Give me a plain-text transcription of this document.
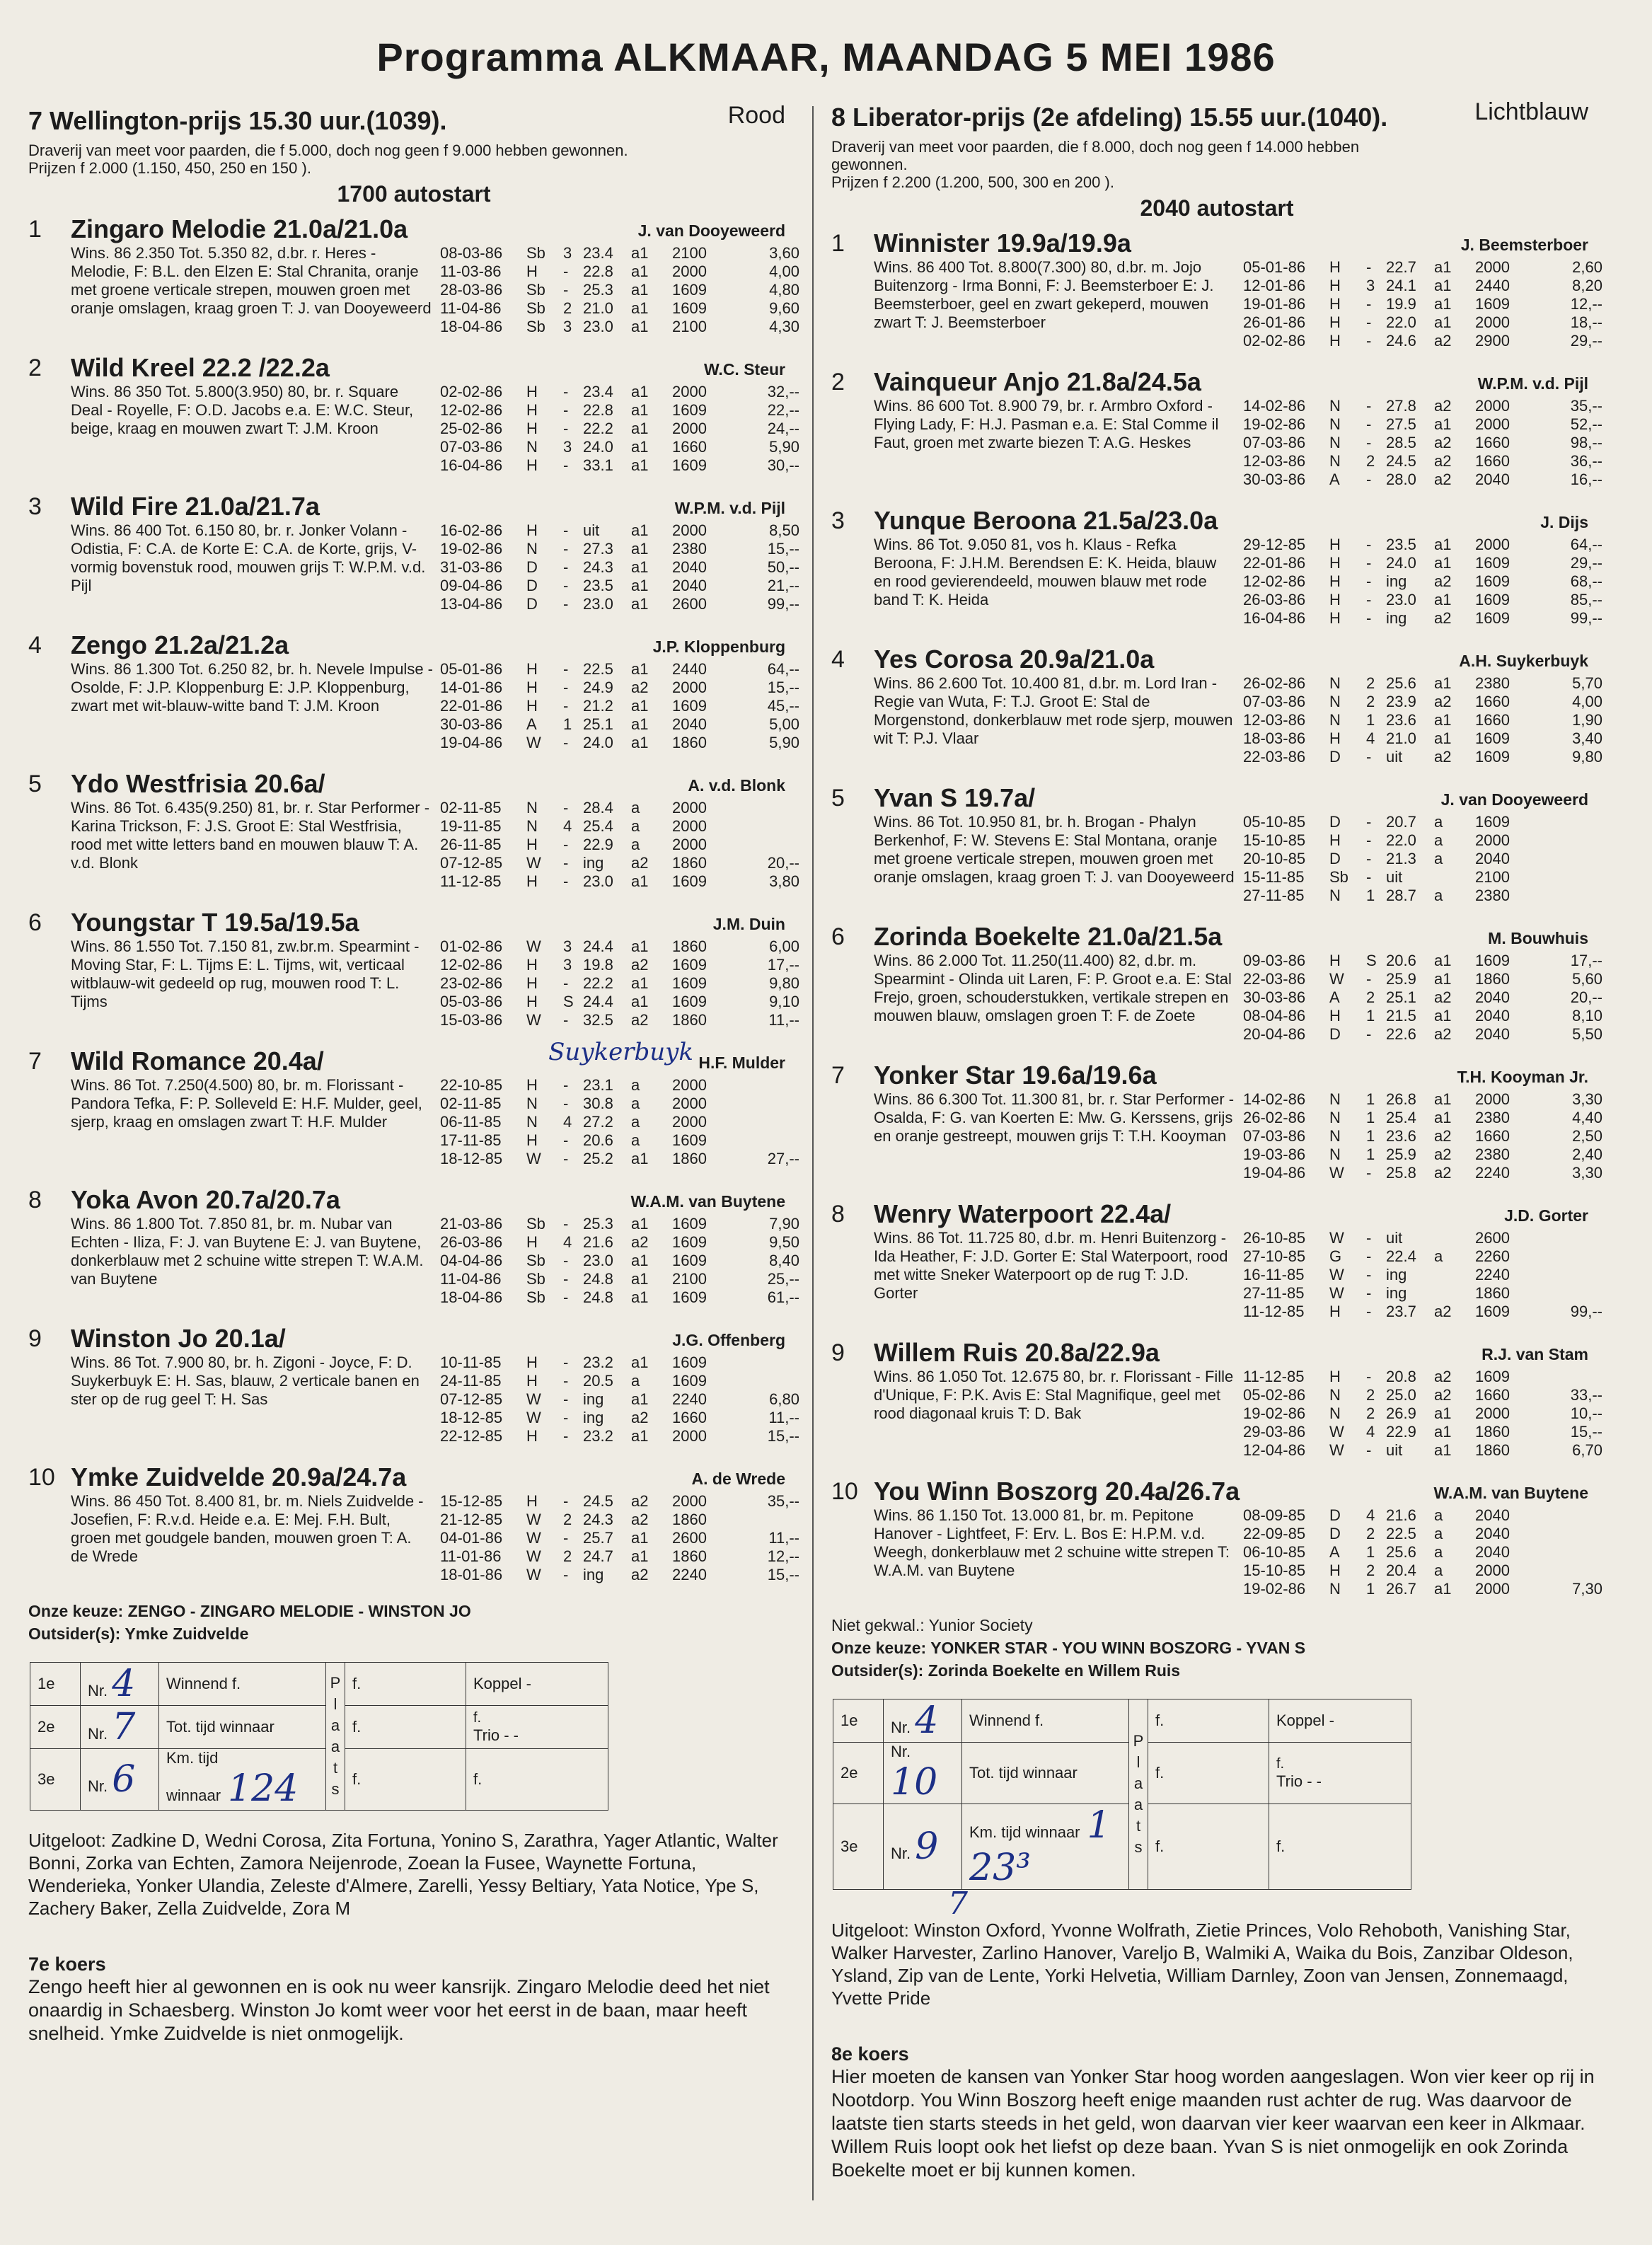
Programma ALKMAAR, MAANDAG 5 MEI 1986
7 Wellington-prijs 15.30 uur.(1039).	Rood
Draverij van meet voor paarden, die f 5.000, doch nog geen f 9.000 hebben gewonnen.
Prijzen f 2.000 (1.150, 450, 250 en 150 ).
1700 autostart
1 Zingaro Melodie 21.0a/21.0a	J. van Dooyeweerd
Wins. 86 2.350 Tot. 5.350 82, d.br. r. Heres - Melodie, F: B.L. den Elzen E: Stal Chranita, oranje met groene verticale strepen, mouwen groen met oranje omslagen, kraag groen T: J. van Dooyeweerd
08-03-86	Sb	3 23.4	a1	2100	3,60
11-03-86	H	- 22.8	a1	2000	4,00
28-03-86	Sb	- 25.3	a1	1609	4,80
11-04-86	Sb	2 21.0	a1	1609	9,60
18-04-86	Sb	3 23.0	a1	2100	4,30
2 Wild Kreel 22.2 /22.2a	W.C. Steur
Wins. 86 350 Tot. 5.800(3.950) 80, br. r. Square Deal - Royelle, F: O.D. Jacobs e.a. E: W.C. Steur, beige, kraag en mouwen zwart T: J.M. Kroon
02-02-86	H	- 23.4	a1	2000	32,--
12-02-86	H	- 22.8	a1	1609	22,--
25-02-86	H	- 22.2	a1	2000	24,--
07-03-86	N	3 24.0	a1	1660	5,90
16-04-86	H	- 33.1	a1	1609	30,--
3 Wild Fire 21.0a/21.7a	W.P.M. v.d. Pijl
Wins. 86 400 Tot. 6.150 80, br. r. Jonker Volann - Odistia, F: C.A. de Korte E: C.A. de Korte, grijs, V-vormig bovenstuk rood, mouwen grijs T: W.P.M. v.d. Pijl
16-02-86	H	- uit	a1	2000	8,50
19-02-86	N	- 27.3	a1	2380	15,--
31-03-86	D	- 24.3	a1	2040	50,--
09-04-86	D	- 23.5	a1	2040	21,--
13-04-86	D	- 23.0	a1	2600	99,--
4 Zengo 21.2a/21.2a	J.P. Kloppenburg
Wins. 86 1.300 Tot. 6.250 82, br. h. Nevele Impulse - Osolde, F: J.P. Kloppenburg E: J.P. Kloppenburg, zwart met wit-blauw-witte band T: J.M. Kroon
05-01-86	H	- 22.5	a1	2440	64,--
14-01-86	H	- 24.9	a2	2000	15,--
22-01-86	H	- 21.2	a1	1609	45,--
30-03-86	A	1 25.1	a1	2040	5,00
19-04-86	W	- 24.0	a1	1860	5,90
5 Ydo Westfrisia 20.6a/	A. v.d. Blonk
Wins. 86 Tot. 6.435(9.250) 81, br. r. Star Performer - Karina Trickson, F: J.S. Groot E: Stal Westfrisia, rood met witte letters band en mouwen blauw T: A. v.d. Blonk
02-11-85	N	- 28.4	a	2000
19-11-85	N	4 25.4	a	2000
26-11-85	H	- 22.9	a	2000
07-12-85	W	- ing	a2	1860	20,--
11-12-85	H	- 23.0	a1	1609	3,80
6 Youngstar T 19.5a/19.5a	J.M. Duin
Wins. 86 1.550 Tot. 7.150 81, zw.br.m. Spearmint - Moving Star, F: L. Tijms E: L. Tijms, wit, verticaal witblauw-wit gedeeld op rug, mouwen rood T: L. Tijms
01-02-86	W	3 24.4	a1	1860	6,00
12-02-86	H	3 19.8	a2	1609	17,--
23-02-86	H	- 22.2	a1	1609	9,80
05-03-86	H	S 24.4	a1	1609	9,10
15-03-86	W	- 32.5	a2	1860	11,--
7 Wild Romance 20.4a/	H.F. Mulder
Wins. 86 Tot. 7.250(4.500) 80, br. m. Florissant - Pandora Tefka, F: P. Solleveld E: H.F. Mulder, geel, sjerp, kraag en omslagen zwart T: H.F. Mulder
22-10-85	H	- 23.1	a	2000
02-11-85	N	- 30.8	a	2000
06-11-85	N	4 27.2	a	2000
17-11-85	H	- 20.6	a	1609
18-12-85	W	- 25.2	a1	1860	27,--
Suykerbuyk
8 Yoka Avon 20.7a/20.7a	W.A.M. van Buytene
Wins. 86 1.800 Tot. 7.850 81, br. m. Nubar van Echten - Iliza, F: J. van Buytene E: J. van Buytene, donkerblauw met 2 schuine witte strepen T: W.A.M. van Buytene
21-03-86	Sb	- 25.3	a1	1609	7,90
26-03-86	H	4 21.6	a2	1609	9,50
04-04-86	Sb	- 23.0	a1	1609	8,40
11-04-86	Sb	- 24.8	a1	2100	25,--
18-04-86	Sb	- 24.8	a1	1609	61,--
9 Winston Jo 20.1a/	J.G. Offenberg
Wins. 86 Tot. 7.900 80, br. h. Zigoni - Joyce, F: D. Suykerbuyk E: H. Sas, blauw, 2 verticale banen en ster op de rug geel T: H. Sas
10-11-85	H	- 23.2	a1	1609
24-11-85	H	- 20.5	a	1609
07-12-85	W	- ing	a1	2240	6,80
18-12-85	W	- ing	a2	1660	11,--
22-12-85	H	- 23.2	a1	2000	15,--
10 Ymke Zuidvelde 20.9a/24.7a	A. de Wrede
Wins. 86 450 Tot. 8.400 81, br. m. Niels Zuidvelde - Josefien, F: R.v.d. Heide e.a. E: Mej. F.H. Bult, groen met goudgele banden, mouwen groen T: A. de Wrede
15-12-85	H	- 24.5	a2	2000	35,--
21-12-85	W	2 24.3	a2	1860
04-01-86	W	- 25.7	a1	2600	11,--
11-01-86	W	2 24.7	a1	1860	12,--
18-01-86	W	- ing	a2	2240	15,--
Onze keuze: ZENGO - ZINGARO MELODIE - WINSTON JO
Outsider(s): Ymke Zuidvelde
1e	Nr. 4	Winnend f.	P l a a t s	f.	Koppel -
2e	Nr. 7	Tot. tijd winnaar		f.	f.
Trio - -

3e	Nr. 6	Km. tijd winnaar 124		f.	f.
Uitgeloot: Zadkine D, Wedni Corosa, Zita Fortuna, Yonino S, Zarathra, Yager Atlantic, Walter Bonni, Zorka van Echten, Zamora Neijenrode, Zoean la Fusee, Waynette Fortuna, Wenderieka, Yonker Ulandia, Zeleste d'Almere, Zarelli, Yessy Beltiary, Yata Notice, Ype S, Zachery Baker, Zella Zuidvelde, Zora M
7e koers
Zengo heeft hier al gewonnen en is ook nu weer kansrijk. Zingaro Melodie deed het niet onaardig in Schaesberg. Winston Jo komt weer voor het eerst in de baan, maar heeft snelheid. Ymke Zuidvelde is niet onmogelijk.
8 Liberator-prijs (2e afdeling) 15.55 uur.(1040).	Lichtblauw
Draverij van meet voor paarden, die f 8.000, doch nog geen f 14.000 hebben gewonnen.
Prijzen f 2.200 (1.200, 500, 300 en 200 ).
2040 autostart
1 Winnister 19.9a/19.9a	J. Beemsterboer
Wins. 86 400 Tot. 8.800(7.300) 80, d.br. m. Jojo Buitenzorg - Irma Bonni, F: J. Beemsterboer E: J. Beemsterboer, geel en zwart gekeperd, mouwen zwart T: J. Beemsterboer
05-01-86	H	- 22.7	a1	2000	2,60
12-01-86	H	3 24.1	a1	2440	8,20
19-01-86	H	- 19.9	a1	1609	12,--
26-01-86	H	- 22.0	a1	2000	18,--
02-02-86	H	- 24.6	a2	2900	29,--
2 Vainqueur Anjo 21.8a/24.5a	W.P.M. v.d. Pijl
Wins. 86 600 Tot. 8.900 79, br. r. Armbro Oxford - Flying Lady, F: H.J. Pasman e.a. E: Stal Comme il Faut, groen met zwarte biezen T: A.G. Heskes
14-02-86	N	- 27.8	a2	2000	35,--
19-02-86	N	- 27.5	a1	2000	52,--
07-03-86	N	- 28.5	a2	1660	98,--
12-03-86	N	2 24.5	a2	1660	36,--
30-03-86	A	- 28.0	a2	2040	16,--
3 Yunque Beroona 21.5a/23.0a	J. Dijs
Wins. 86 Tot. 9.050 81, vos h. Klaus - Refka Beroona, F: J.H.M. Berendsen E: K. Heida, blauw en rood gevierendeeld, mouwen blauw met rode band T: K. Heida
29-12-85	H	- 23.5	a1	2000	64,--
22-01-86	H	- 24.0	a1	1609	29,--
12-02-86	H	- ing	a2	1609	68,--
26-03-86	H	- 23.0	a1	1609	85,--
16-04-86	H	- ing	a2	1609	99,--
4 Yes Corosa 20.9a/21.0a	A.H. Suykerbuyk
Wins. 86 2.600 Tot. 10.400 81, d.br. m. Lord Iran - Regie van Wuta, F: T.J. Groot E: Stal de Morgenstond, donkerblauw met rode sjerp, mouwen wit T: P.J. Vlaar
26-02-86	N	2 25.6	a1	2380	5,70
07-03-86	N	2 23.9	a2	1660	4,00
12-03-86	N	1 23.6	a1	1660	1,90
18-03-86	H	4 21.0	a1	1609	3,40
22-03-86	D	- uit	a2	1609	9,80
5 Yvan S 19.7a/	J. van Dooyeweerd
Wins. 86 Tot. 10.950 81, br. h. Brogan - Phalyn Berkenhof, F: W. Stevens E: Stal Montana, oranje met groene verticale strepen, mouwen groen met oranje omslagen, kraag groen T: J. van Dooyeweerd
05-10-85	D	- 20.7	a	1609
15-10-85	H	- 22.0	a	2000
20-10-85	D	- 21.3	a	2040
15-11-85	Sb	- uit	2100
27-11-85	N	1 28.7	a	2380
6 Zorinda Boekelte 21.0a/21.5a	M. Bouwhuis
Wins. 86 2.000 Tot. 11.250(11.400) 82, d.br. m. Spearmint - Olinda uit Laren, F: P. Groot e.a. E: Stal Frejo, groen, schouderstukken, vertikale strepen en mouwen blauw, omslagen groen T: F. de Zoete
09-03-86	H	S 20.6	a1	1609	17,--
22-03-86	W	- 25.9	a1	1860	5,60
30-03-86	A	2 25.1	a2	2040	20,--
08-04-86	H	1 21.5	a1	2040	8,10
20-04-86	D	- 22.6	a2	2040	5,50
7 Yonker Star 19.6a/19.6a	T.H. Kooyman Jr.
Wins. 86 6.300 Tot. 11.300 81, br. r. Star Performer - Osalda, F: G. van Koerten E: Mw. G. Kerssens, grijs en oranje gestreept, mouwen grijs T: T.H. Kooyman
14-02-86	N	1 26.8	a1	2000	3,30
26-02-86	N	1 25.4	a1	2380	4,40
07-03-86	N	1 23.6	a2	1660	2,50
19-03-86	N	1 25.9	a2	2380	2,40
19-04-86	W	- 25.8	a2	2240	3,30
8 Wenry Waterpoort 22.4a/	J.D. Gorter
Wins. 86 Tot. 11.725 80, d.br. m. Henri Buitenzorg - Ida Heather, F: J.D. Gorter E: Stal Waterpoort, rood met witte Sneker Waterpoort op de rug T: J.D. Gorter
26-10-85	W	- uit	2600
27-10-85	G	- 22.4	a	2260
16-11-85	W	- ing	2240
27-11-85	W	- ing	1860
11-12-85	H	- 23.7	a2	1609	99,--
9 Willem Ruis 20.8a/22.9a	R.J. van Stam
Wins. 86 1.050 Tot. 12.675 80, br. r. Florissant - Fille d'Unique, F: P.K. Avis E: Stal Magnifique, geel met rood diagonaal kruis T: D. Bak
11-12-85	H	- 20.8	a2	1609
05-02-86	N	2 25.0	a2	1660	33,--
19-02-86	N	2 26.9	a1	2000	10,--
29-03-86	W	4 22.9	a1	1860	15,--
12-04-86	W	- uit	a1	1860	6,70
10 You Winn Boszorg 20.4a/26.7a	W.A.M. van Buytene
Wins. 86 1.150 Tot. 13.000 81, br. m. Pepitone Hanover - Lightfeet, F: Erv. L. Bos E: H.P.M. v.d. Weegh, donkerblauw met 2 schuine witte strepen T: W.A.M. van Buytene
08-09-85	D	4 21.6	a	2040
22-09-85	D	2 22.5	a	2040
06-10-85	A	1 25.6	a	2040
15-10-85	H	2 20.4	a	2000
19-02-86	N	1 26.7	a1	2000	7,30
Niet gekwal.: Yunior Society
Onze keuze: YONKER STAR - YOU WINN BOSZORG - YVAN S
Outsider(s): Zorinda Boekelte en Willem Ruis
1e	Nr. 4	Winnend f.	P l a a t s	f.	Koppel -
2e	Nr. 10	Tot. tijd winnaar		f.	f.
Trio - -

3e	Nr. 9	Km. tijd winnaar 1 23³		f.	f.
7
Uitgeloot: Winston Oxford, Yvonne Wolfrath, Zietie Princes, Volo Rehoboth, Vanishing Star, Walker Harvester, Zarlino Hanover, Vareljo B, Walmiki A, Waika du Bois, Zanzibar Oldeson, Ysland, Zip van de Lente, Yorki Helvetia, William Darnley, Zoon van Jensen, Zonnemaagd, Yvette Pride
8e koers
Hier moeten de kansen van Yonker Star hoog worden aangeslagen. Won vier keer op rij in Nootdorp. You Winn Boszorg heeft enige maanden rust achter de rug. Was daarvoor de laatste tien starts steeds in het geld, won daarvan vier keer waarvan een keer in Alkmaar. Willem Ruis loopt ook het liefst op deze baan. Yvan S is niet onmogelijk en ook Zorinda Boekelte moet er bij kunnen komen.
